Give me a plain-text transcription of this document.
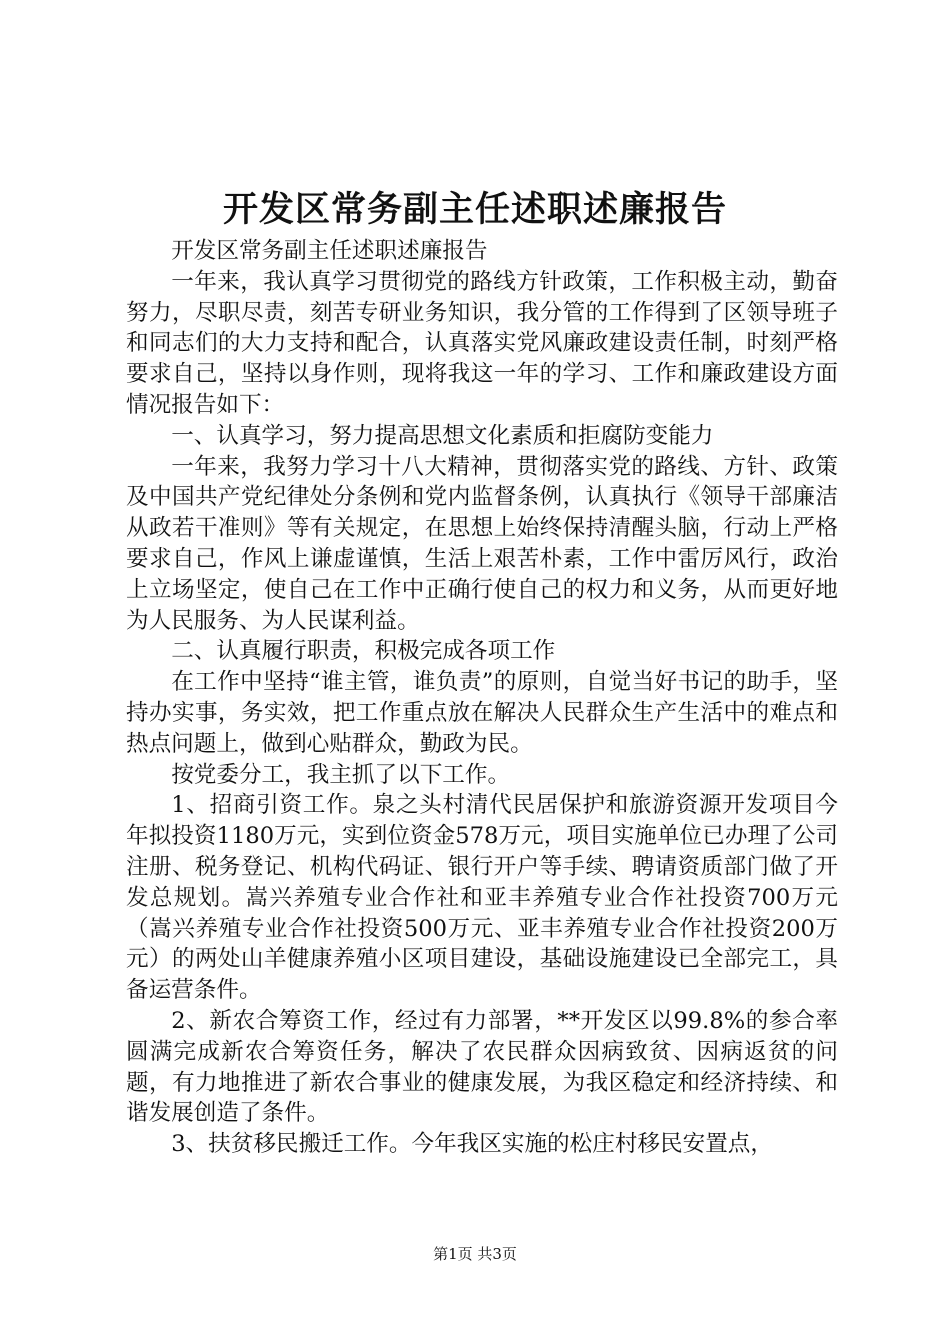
开发区常务副主任述职述廉报告

开发区常务副主任述职述廉报告

一年来，我认真学习贯彻党的路线方针政策，工作积极主动，勤奋努力，尽职尽责，刻苦专研业务知识，我分管的工作得到了区领导班子和同志们的大力支持和配合，认真落实党风廉政建设责任制，时刻严格要求自己，坚持以身作则，现将我这一年的学习、工作和廉政建设方面情况报告如下：

一、认真学习，努力提高思想文化素质和拒腐防变能力

一年来，我努力学习十八大精神，贯彻落实党的路线、方针、政策及中国共产党纪律处分条例和党内监督条例，认真执行《领导干部廉洁从政若干准则》等有关规定，在思想上始终保持清醒头脑，行动上严格要求自己，作风上谦虚谨慎，生活上艰苦朴素，工作中雷厉风行，政治上立场坚定，使自己在工作中正确行使自己的权力和义务，从而更好地为人民服务、为人民谋利益。

二、认真履行职责，积极完成各项工作

在工作中坚持“谁主管，谁负责”的原则，自觉当好书记的助手，坚持办实事，务实效，把工作重点放在解决人民群众生产生活中的难点和热点问题上，做到心贴群众，勤政为民。

按党委分工，我主抓了以下工作。

1、招商引资工作。泉之头村清代民居保护和旅游资源开发项目今年拟投资1180万元，实到位资金578万元，项目实施单位已办理了公司注册、税务登记、机构代码证、银行开户等手续、聘请资质部门做了开发总规划。嵩兴养殖专业合作社和亚丰养殖专业合作社投资700万元（嵩兴养殖专业合作社投资500万元、亚丰养殖专业合作社投资200万元）的两处山羊健康养殖小区项目建设，基础设施建设已全部完工，具备运营条件。

2、新农合筹资工作，经过有力部署，**开发区以99.8%的参合率圆满完成新农合筹资任务，解决了农民群众因病致贫、因病返贫的问题，有力地推进了新农合事业的健康发展，为我区稳定和经济持续、和谐发展创造了条件。

3、扶贫移民搬迁工作。今年我区实施的松庄村移民安置点，

第1页 共3页
